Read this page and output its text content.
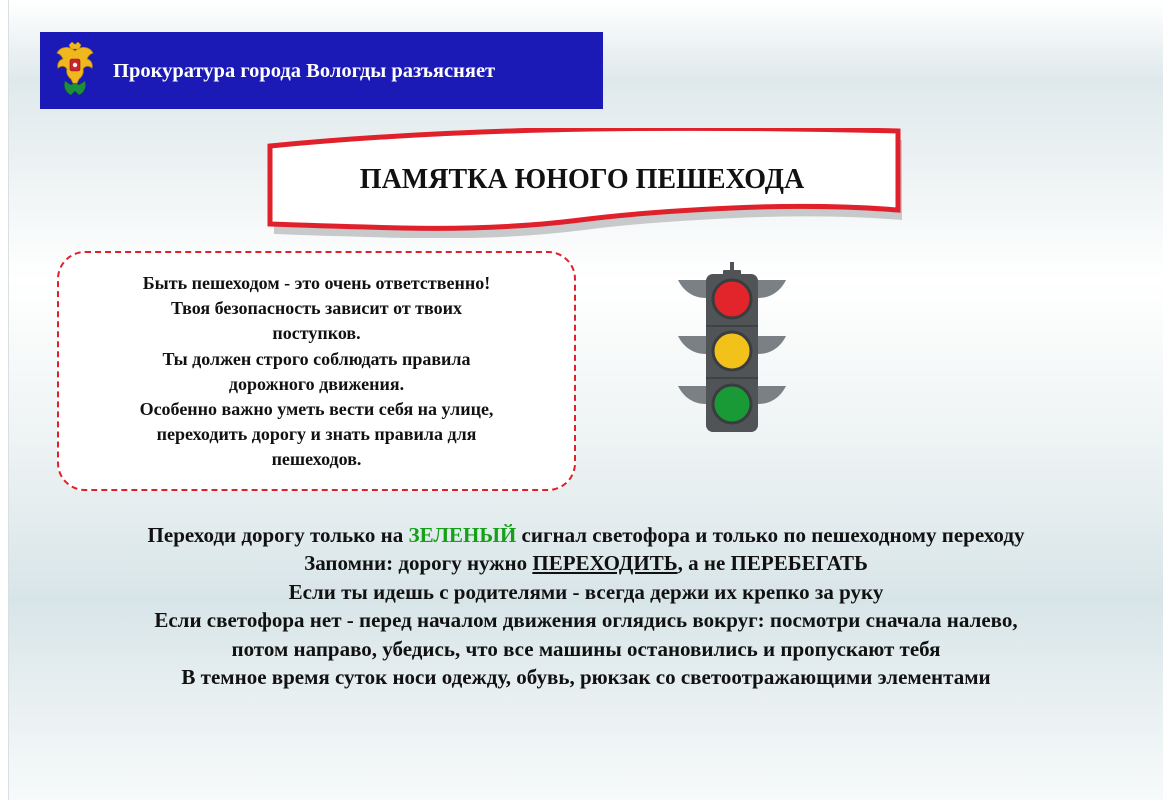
Прокуратура города Вологды разъясняет
ПАМЯТКА ЮНОГО ПЕШЕХОДА
Быть пешеходом - это очень ответственно!
Твоя безопасность зависит от твоих
поступков.
Ты должен строго соблюдать правила
дорожного движения.
Особенно важно уметь вести себя на улице,
переходить дорогу и знать правила для
пешеходов.
Переходи дорогу только на ЗЕЛЕНЫЙ сигнал светофора и только по пешеходному переходу
Запомни: дорогу нужно ПЕРЕХОДИТЬ, а не ПЕРЕБЕГАТЬ
Если ты идешь с родителями - всегда держи их крепко за руку
Если светофора нет - перед началом движения оглядись вокруг: посмотри сначала налево,
потом направо, убедись, что все машины остановились и пропускают тебя
В темное время суток носи одежду, обувь, рюкзак со светоотражающими элементами
